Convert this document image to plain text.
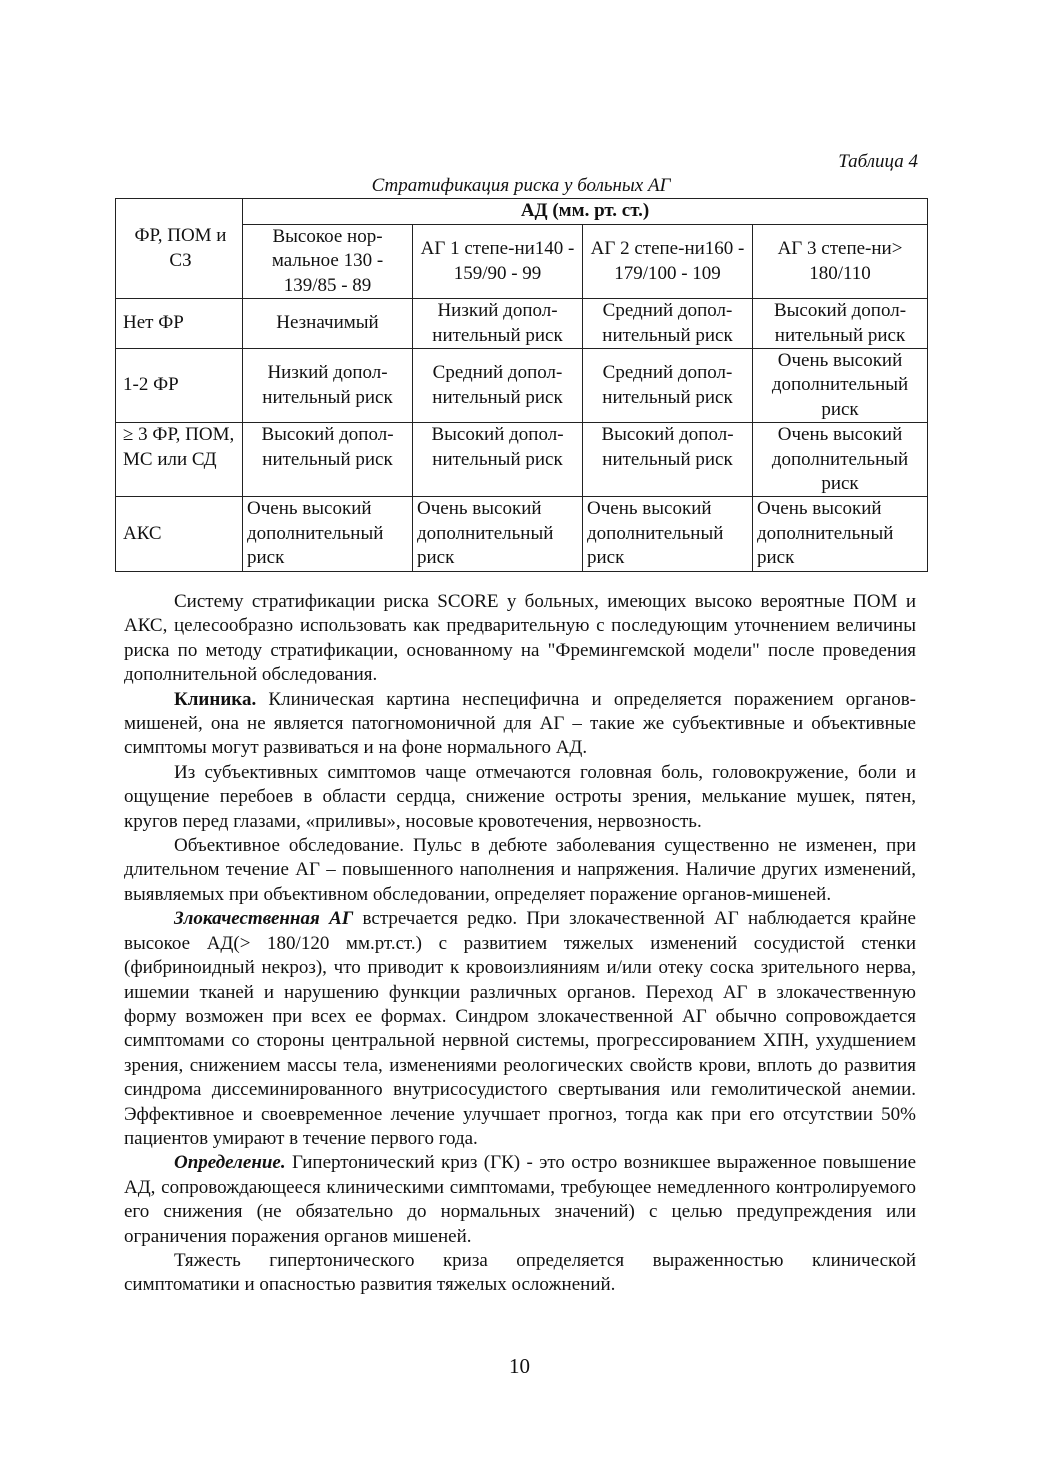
Таблица 4
Стратификация риска у больных АГ
ФР, ПОМ и СЗ	АД (мм. рт. ст.)			
	Высокое нор-мальное 130 - 139/85 - 89	АГ 1 степе-ни140 - 159/90 - 99	АГ 2 степе-ни160 - 179/100 - 109	АГ 3 степе-ни> 180/110
Нет ФР	Незначимый	Низкий допол-нительный риск	Средний допол-нительный риск	Высокий допол-нительный риск
1-2 ФР	Низкий допол-нительный риск	Средний допол-нительный риск	Средний допол-нительный риск	Очень высокий дополнительный риск
≥ 3 ФР, ПОМ, МС или СД	Высокий допол-нительный риск	Высокий допол-нительный риск	Высокий допол-нительный риск	Очень высокий дополнительный риск
АКС	Очень высокий дополнительный риск	Очень высокий дополнительный риск	Очень высокий дополнительный риск	Очень высокий дополнительный риск

Систему стратификации риска SCORE у больных, имеющих высоко вероятные ПОМ и АКС, целесообразно использовать как предварительную с последующим уточнением величины риска по методу стратификации, основанному на "Фремингемской модели" после проведения дополнительной обследования.

Клиника. Клиническая картина неспецифична и определяется поражением органов-мишеней, она не является патогномоничной для АГ – такие же субъективные и объективные симптомы могут развиваться и на фоне нормального АД.

Из субъективных симптомов чаще отмечаются головная боль, головокружение, боли и ощущение перебоев в области сердца, снижение остроты зрения, мелькание мушек, пятен, кругов перед глазами, «приливы», носовые кровотечения, нервозность.

Объективное обследование. Пульс в дебюте заболевания существенно не изменен, при длительном течение АГ – повышенного наполнения и напряжения. Наличие других изменений, выявляемых при объективном обследовании, определяет поражение органов-мишеней.

Злокачественная АГ встречается редко. При злокачественной АГ наблюдается крайне высокое АД(> 180/120 мм.рт.ст.) с развитием тяжелых изменений сосудистой стенки (фибриноидный некроз), что приводит к кровоизлияниям и/или отеку соска зрительного нерва, ишемии тканей и нарушению функции различных органов. Переход АГ в злокачественную форму возможен при всех ее формах. Синдром злокачественной АГ обычно сопровождается симптомами со стороны центральной нервной системы, прогрессированием ХПН, ухудшением зрения, снижением массы тела, изменениями реологических свойств крови, вплоть до развития синдрома диссеминированного внутрисосудистого свертывания или гемолитической анемии. Эффективное и своевременное лечение улучшает прогноз, тогда как при его отсутствии 50% пациентов умирают в течение первого года.

Определение. Гипертонический криз (ГК) - это остро возникшее выраженное повышение АД, сопровождающееся клиническими симптомами, требующее немедленного контролируемого его снижения (не обязательно до нормальных значений) с целью предупреждения или ограничения поражения органов мишеней.

Тяжесть гипертонического криза определяется выраженностью клинической симптоматики и опасностью развития тяжелых осложнений.

10
